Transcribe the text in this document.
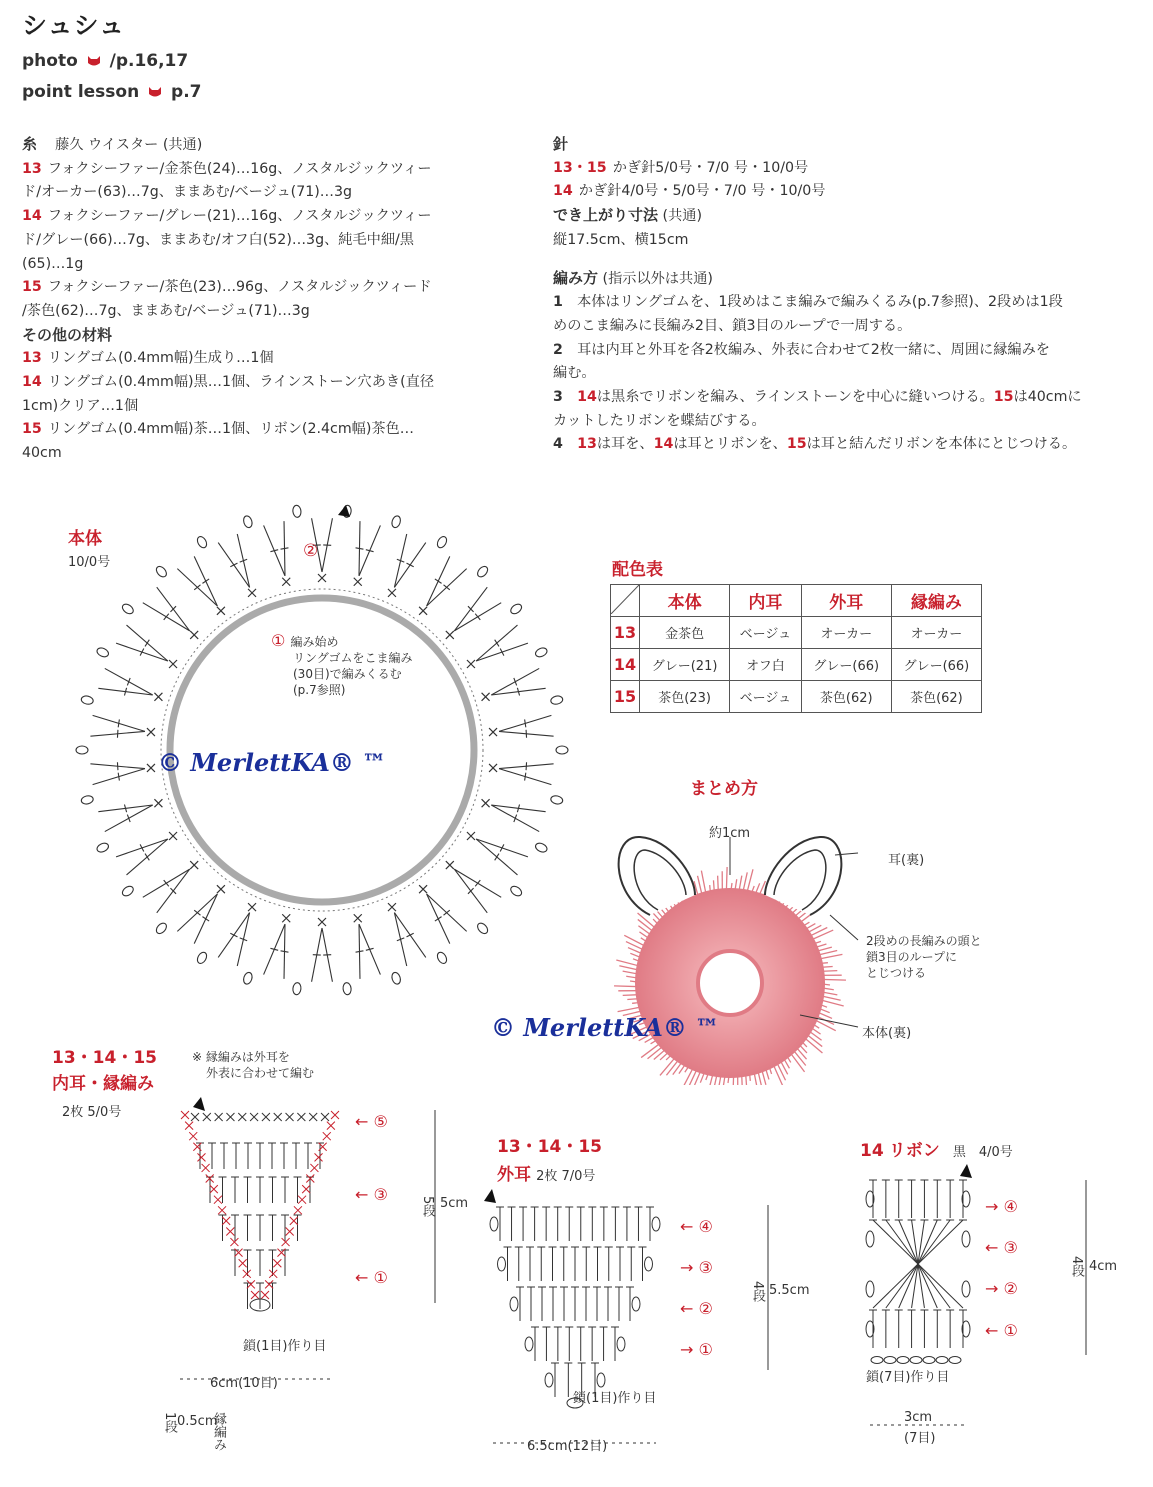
シュシュ
photo /p.16,17
point lesson p.7
糸 藤久 ウイスター (共通)
13 フォクシーファー/金茶色(24)…16g、ノスタルジックツィー
ド/オーカー(63)…7g、ままあむ/ベージュ(71)…3g
14 フォクシーファー/グレー(21)…16g、ノスタルジックツィー
ド/グレー(66)…7g、ままあむ/オフ白(52)…3g、純毛中細/黒
(65)…1g
15 フォクシーファー/茶色(23)…96g、ノスタルジックツィード
/茶色(62)…7g、ままあむ/ベージュ(71)…3g
その他の材料
13 リングゴム(0.4mm幅)生成り…1個
14 リングゴム(0.4mm幅)黒…1個、ラインストーン穴あき(直径
1cm)クリア…1個
15 リングゴム(0.4mm幅)茶…1個、リボン(2.4cm幅)茶色…
40cm
針
13・15 かぎ針5/0号・7/0 号・10/0号
14 かぎ針4/0号・5/0号・7/0 号・10/0号
でき上がり寸法 (共通)
縦17.5cm、横15cm
編み方 (指示以外は共通)
1　本体はリングゴムを、1段めはこま編みで編みくるみ(p.7参照)、2段めは1段
めのこま編みに長編み2目、鎖3目のループで一周する。
2　耳は内耳と外耳を各2枚編み、外表に合わせて2枚一緒に、周囲に縁編みを
編む。
3　 14は黒糸でリボンを編み、ラインストーンを中心に縫いつける。15は40cmに
カットしたリボンを蝶結びする。
4　 13は耳を、14は耳とリボンを、15は耳と結んだリボンを本体にとじつける。
本体
10/0号
②
① 編み始め
リングゴムをこま編み
(30目)で編みくるむ
(p.7参照)
© MerlettKA® ™
配色表
	本体	内耳	外耳	縁編み
13	金茶色	ベージュ	オーカー	オーカー
14	グレー(21)	オフ白	グレー(66)	グレー(66)
15	茶色(23)	ベージュ	茶色(62)	茶色(62)
まとめ方
約1cm
耳(裏)
2段めの長編みの頭と
鎖3目のループに
とじつける
本体(裏)
© MerlettKA® ™
13・14・15
内耳・縁編み
※ 縁編みは外耳を
外表に合わせて編む
2枚 5/0号	← ⑤
← ③
← ①
5段 5cm
鎖(1目)作り目
6cm(10目)
1段 0.5cm
縁編み
13・14・15
外耳 2枚 7/0号
← ④
→ ③
← ②
→ ①
4段 5.5cm
鎖(1目)作り目
6.5cm(12目)
14 リボン 黒　4/0号
→ ④
← ③
→ ②
← ①
4段 4cm
鎖(7目)作り目
3cm
(7目)
